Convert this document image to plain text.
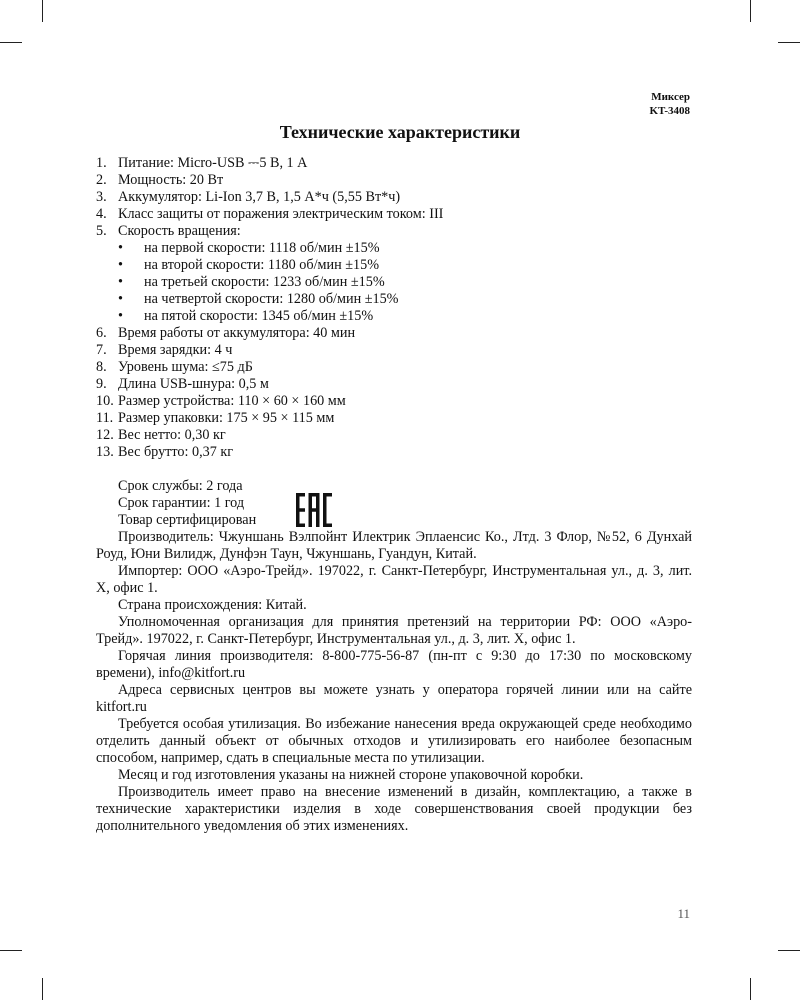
Миксер
KT-3408
Технические характеристики
1. Питание: Micro-USB ⎓5 В, 1 А
2. Мощность: 20 Вт
3. Аккумулятор: Li-Ion 3,7 В, 1,5 А*ч (5,55 Вт*ч)
4. Класс защиты от поражения электрическим током: III
5. Скорость вращения:
•	на первой скорости: 1118 об/мин ±15%
•	на второй скорости: 1180 об/мин ±15%
•	на третьей скорости: 1233 об/мин ±15%
•	на четвертой скорости: 1280 об/мин ±15%
•	на пятой скорости: 1345 об/мин ±15%
6. Время работы от аккумулятора: 40 мин
7. Время зарядки: 4 ч
8. Уровень шума: ≤75 дБ
9. Длина USB-шнура: 0,5 м
10. Размер устройства: 110 × 60 × 160 мм
11. Размер упаковки: 175 × 95 × 115 мм
12. Вес нетто: 0,30 кг
13. Вес брутто: 0,37 кг
Срок службы: 2 года
Срок гарантии: 1 год
Товар сертифицирован

Производитель: Чжуншань Вэлпойнт Илектрик Эплаенсис Ко., Лтд. 3 Флор, №52, 6 Дунхай Роуд, Юни Вилидж, Дунфэн Таун, Чжуншань, Гуандун, Китай.

Импортер: ООО «Аэро-Трейд». 197022, г. Санкт-Петербург, Инструментальная ул., д. 3, лит. Х, офис 1.

Страна происхождения: Китай.

Уполномоченная организация для принятия претензий на территории РФ: ООО «Аэро-Трейд». 197022, г. Санкт-Петербург, Инструментальная ул., д. 3, лит. Х, офис 1.

Горячая линия производителя: 8-800-775-56-87 (пн-пт с 9:30 до 17:30 по московскому времени), info@kitfort.ru

Адреса сервисных центров вы можете узнать у оператора горячей линии или на сайте kitfort.ru

Требуется особая утилизация. Во избежание нанесения вреда окружающей среде необходимо отделить данный объект от обычных отходов и утилизировать его наиболее безопасным способом, например, сдать в специальные места по утилизации.

Месяц и год изготовления указаны на нижней стороне упаковочной коробки.

Производитель имеет право на внесение изменений в дизайн, комплектацию, а также в технические характеристики изделия в ходе совершенствования своей продукции без дополнительного уведомления об этих изменениях.

11
